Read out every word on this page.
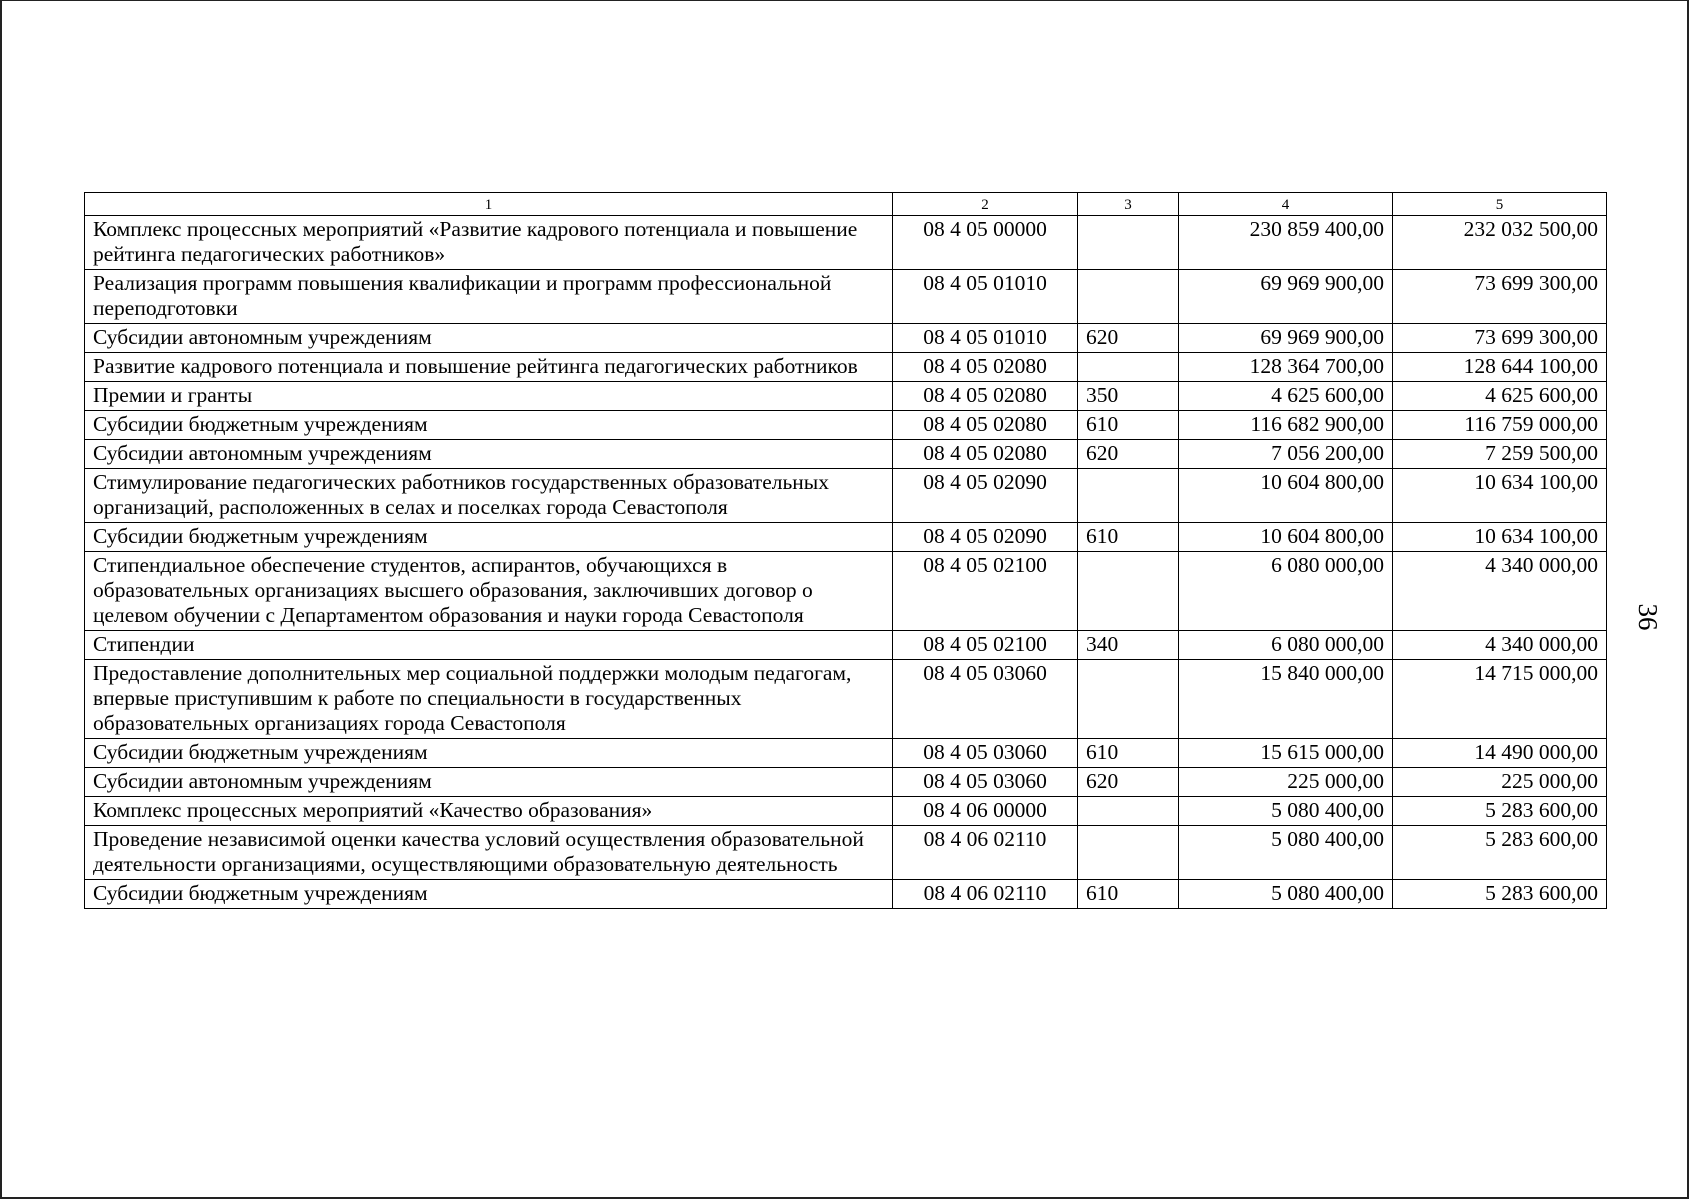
36
1	2	3	4	5
Комплекс процессных мероприятий «Развитие кадрового потенциала и повышение рейтинга педагогических работников»	08 4 05 00000		230 859 400,00	232 032 500,00
Реализация программ повышения квалификации и программ профессиональной переподготовки	08 4 05 01010		69 969 900,00	73 699 300,00
Субсидии автономным учреждениям	08 4 05 01010	620	69 969 900,00	73 699 300,00
Развитие кадрового потенциала и повышение рейтинга педагогических работников	08 4 05 02080		128 364 700,00	128 644 100,00
Премии и гранты	08 4 05 02080	350	4 625 600,00	4 625 600,00
Субсидии бюджетным учреждениям	08 4 05 02080	610	116 682 900,00	116 759 000,00
Субсидии автономным учреждениям	08 4 05 02080	620	7 056 200,00	7 259 500,00
Стимулирование педагогических работников государственных образовательных организаций, расположенных в селах и поселках города Севастополя	08 4 05 02090		10 604 800,00	10 634 100,00
Субсидии бюджетным учреждениям	08 4 05 02090	610	10 604 800,00	10 634 100,00
Стипендиальное обеспечение студентов, аспирантов, обучающихся в образовательных организациях высшего образования, заключивших договор о целевом обучении с Департаментом образования и науки города Севастополя	08 4 05 02100		6 080 000,00	4 340 000,00
Стипендии	08 4 05 02100	340	6 080 000,00	4 340 000,00
Предоставление дополнительных мер социальной поддержки молодым педагогам, впервые приступившим к работе по специальности в государственных образовательных организациях города Севастополя	08 4 05 03060		15 840 000,00	14 715 000,00
Субсидии бюджетным учреждениям	08 4 05 03060	610	15 615 000,00	14 490 000,00
Субсидии автономным учреждениям	08 4 05 03060	620	225 000,00	225 000,00
Комплекс процессных мероприятий «Качество образования»	08 4 06 00000		5 080 400,00	5 283 600,00
Проведение независимой оценки качества условий осуществления образовательной деятельности организациями, осуществляющими образовательную деятельность	08 4 06 02110		5 080 400,00	5 283 600,00
Субсидии бюджетным учреждениям	08 4 06 02110	610	5 080 400,00	5 283 600,00
